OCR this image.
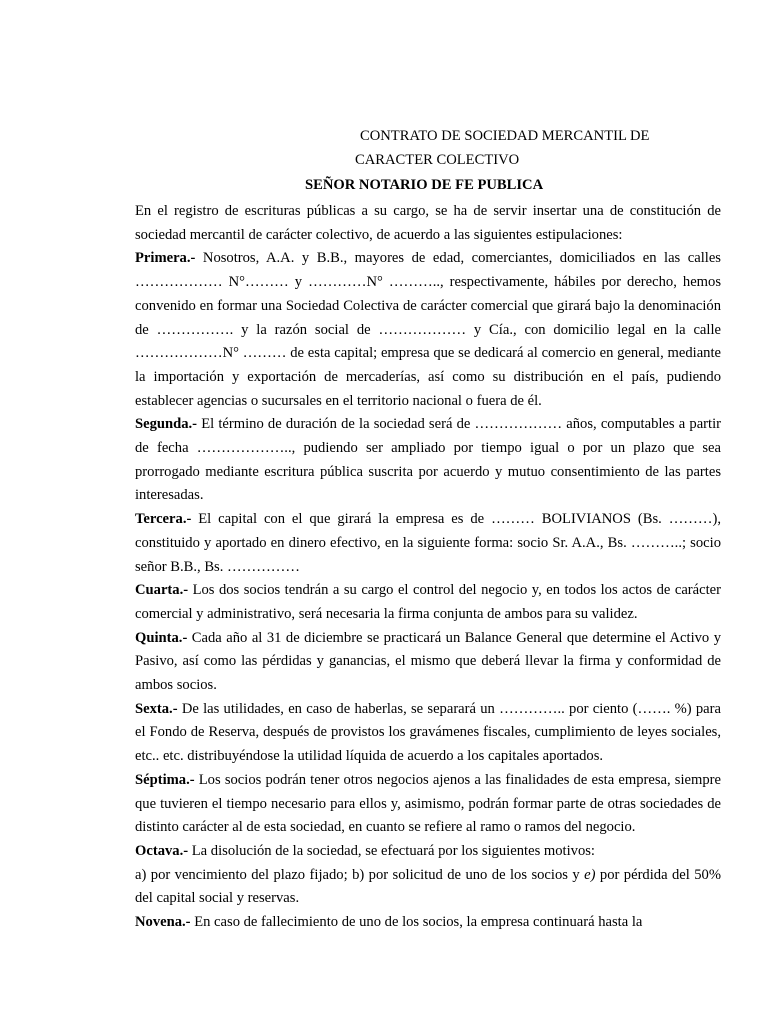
CONTRATO DE SOCIEDAD MERCANTIL DE
CARACTER COLECTIVO
SEÑOR NOTARIO DE FE PUBLICA

En el registro de escrituras públicas a su cargo, se ha de servir insertar una de constitución de sociedad mercantil de carácter colectivo, de acuerdo a las siguientes estipulaciones:

Primera.- Nosotros, A.A. y B.B., mayores de edad, comerciantes, domiciliados en las calles ……………… N°……… y …………N° ……….., respectivamente, hábiles por derecho, hemos convenido en formar una Sociedad Colectiva de carácter comercial que girará bajo la denominación de ……………. y la razón social de ……………… y Cía., con domicilio legal en la calle ………………N° ……… de esta capital; empresa que se dedicará al comercio en general, mediante la importación y exportación de mercaderías, así como su distribución en el país, pudiendo establecer agencias o sucursales en el territorio nacional o fuera de él.

Segunda.- El término de duración de la sociedad será de ……………… años, computables a partir de fecha ……………….., pudiendo ser ampliado por tiempo igual o por un plazo que sea prorrogado mediante escritura pública suscrita por acuerdo y mutuo consentimiento de las partes interesadas.

Tercera.- El capital con el que girará la empresa es de ……… BOLIVIANOS (Bs. ………), constituido y aportado en dinero efectivo, en la siguiente forma: socio Sr. A.A., Bs. ………..; socio señor B.B., Bs. ……………

Cuarta.- Los dos socios tendrán a su cargo el control del negocio y, en todos los actos de carácter comercial y administrativo, será necesaria la firma conjunta de ambos para su validez.

Quinta.- Cada año al 31 de diciembre se practicará un Balance General que determine el Activo y Pasivo, así como las pérdidas y ganancias, el mismo que deberá llevar la firma y conformidad de ambos socios.

Sexta.- De las utilidades, en caso de haberlas, se separará un ………….. por ciento (……. %) para el Fondo de Reserva, después de provistos los gravámenes fiscales, cumplimiento de leyes sociales, etc.. etc. distribuyéndose la utilidad líquida de acuerdo a los capitales aportados.

Séptima.- Los socios podrán tener otros negocios ajenos a las finalidades de esta empresa, siempre que tuvieren el tiempo necesario para ellos y, asimismo, podrán formar parte de otras sociedades de distinto carácter al de esta sociedad, en cuanto se refiere al ramo o ramos del negocio.

Octava.- La disolución de la sociedad, se efectuará por los siguientes motivos:

a) por vencimiento del plazo fijado; b) por solicitud de uno de los socios y e) por pérdida del 50% del capital social y reservas.

Novena.- En caso de fallecimiento de uno de los socios, la empresa continuará hasta la
